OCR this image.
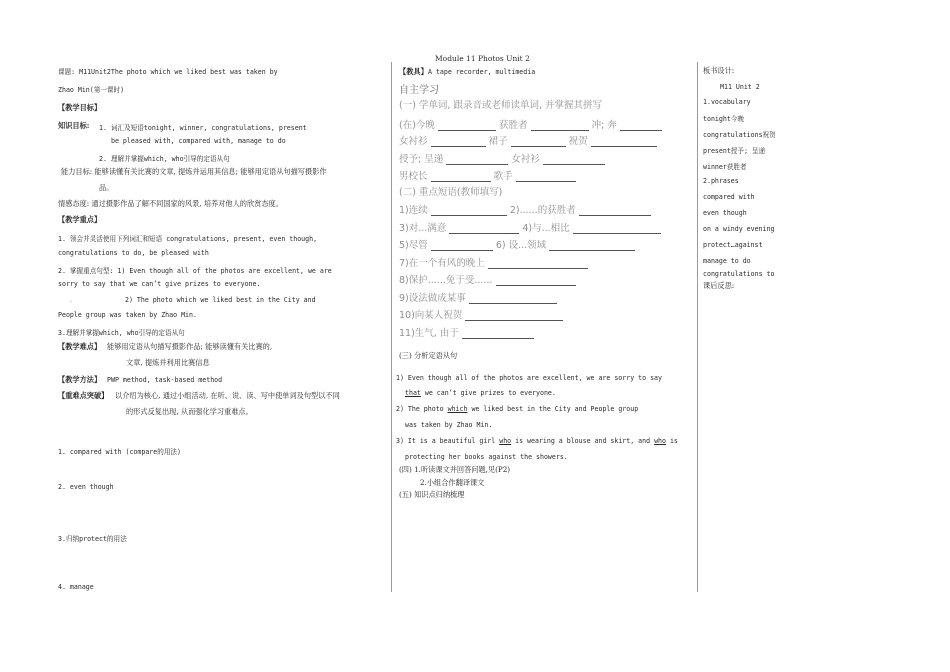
Module 11 Photos Unit 2
课题: M11Unit2The photo which we liked best was taken by
Zhao Min(第一课时)
【教学目标】
知识目标: 1. 词汇及短语tonight, winner, congratulations, present
be pleased with, compared with, manage to do
2. 理解并掌握which, who引导的定语从句
能力目标: 能够读懂有关比赛的文章, 提炼并运用其信息; 能够用定语从句描写摄影作
品。
情感态度: 通过摄影作品了解不同国家的风景, 培养对他人的欣赏态度。
【教学重点】
1. 领会并灵活使用下列词汇和短语 congratulations, present, even though,
congratulations to do, be pleased with
2. 掌握重点句型: 1) Even though all of the photos are excellent, we are
sorry to say that we can’t give prizes to everyone.
。	2) The photo which we liked best in the City and
People group was taken by Zhao Min.
3.理解并掌握which, who引导的定语从句
【教学难点】 能够用定语从句描写摄影作品; 能够读懂有关比赛的,
文章, 提炼并利用比赛信息
【教学方法】 PWP method, task-based method
【重难点突破】 以介绍为核心, 通过小组活动, 在听、说、读、写中使单词及句型以不同
的形式反复出现, 从而强化学习重难点。
1. compared with (compare的用法)
2. even though
3.归纳protect的用法
4. manage
【教具】 A tape recorder, multimedia
自主学习
(一) 学单词, 跟录音或老师读单词, 并掌握其拼写
(在)今晚	获胜者	冲; 奔
女衬衫	裙子	祝贺
授予; 呈递	女衬衫
男校长	歌手
(二) 重点短语(教师填写)
1)连续	2)......的获胜者
3)对...满意	4)与...相比
5)尽管	6) 设...领域
7)在一个有风的晚上
8)保护......免于受......
9)设法做成某事
10)向某人祝贺
11)生气, 由于
(三) 分析定语从句
1) Even though all of the photos are excellent, we are sorry to say
that we can’t give prizes to everyone.
2) The photo which we liked best in the City and People group
was taken by Zhao Min.
3) It is a beautiful girl who is wearing a blouse and skirt, and who is
protecting her books against the showers.
(四) 1.听读课文并回答问题,见(P2)
2.小组合作翻译课文
(五) 知识点归纳梳理
板书设计:
M11 Unit 2
1.vocabulary
tonight今晚
congratulations祝贺
present授予; 呈递
winner获胜者
2.phrases
compared with
even though
on a windy evening
protect…against
manage to do
congratulations to
课后反思:
